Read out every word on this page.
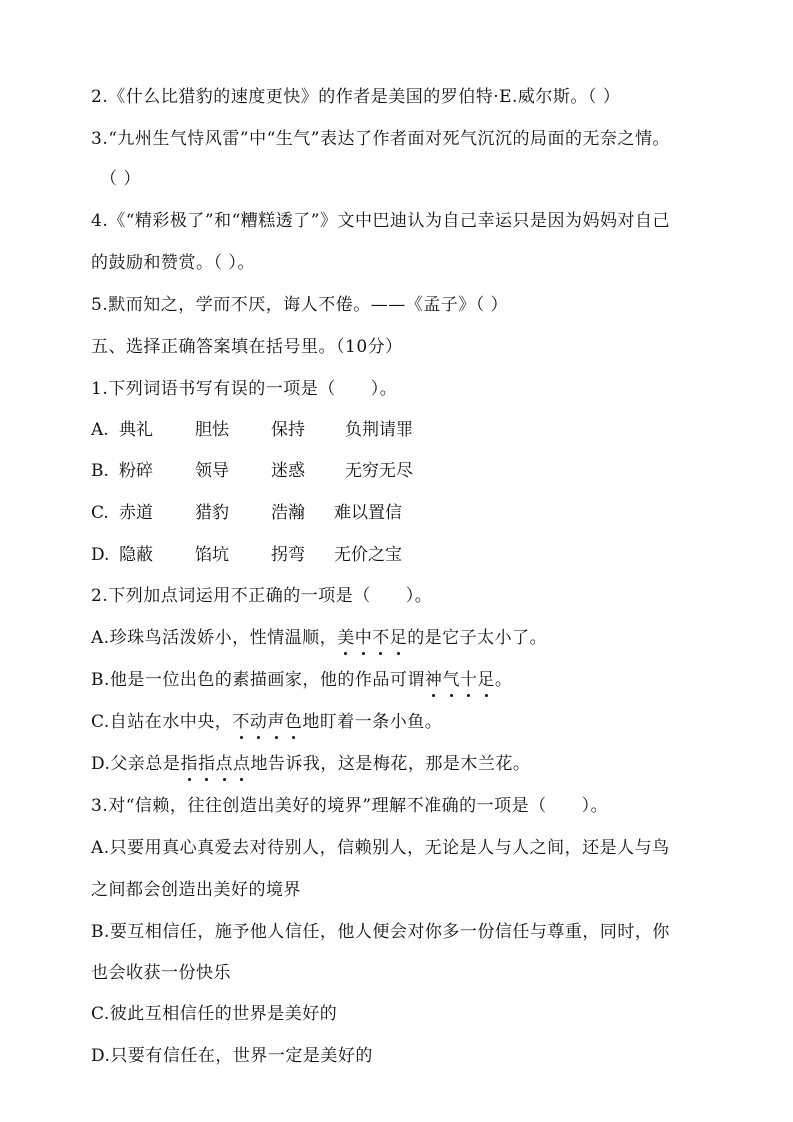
2.《什么比猎豹的速度更快》的作者是美国的罗伯特·E.威尔斯。（ ）
3.“九州生气恃风雷”中“生气”表达了作者面对死气沉沉的局面的无奈之情。
（ ）
4.《“精彩极了”和“糟糕透了”》文中巴迪认为自己幸运只是因为妈妈对自己
的鼓励和赞赏。（ ）。
5.默而知之，学而不厌，诲人不倦。——《孟子》（ ）
五、选择正确答案填在括号里。（10分）
1.下列词语书写有误的一项是（　　）。
A. 典礼 胆怯 保持 负荆请罪
B. 粉碎 领导 迷惑 无穷无尽
C. 赤道 猎豹 浩瀚 难以置信
D. 隐蔽 馅坑 拐弯 无价之宝
2.下列加点词运用不正确的一项是（　　）。
A.珍珠鸟活泼娇小，性情温顺，美中不足的是它子太小了。
B.他是一位出色的素描画家，他的作品可谓神气十足。
C.自站在水中央，不动声色地盯着一条小鱼。
D.父亲总是指指点点地告诉我，这是梅花，那是木兰花。
3.对“信赖，往往创造出美好的境界”理解不准确的一项是（　　）。
A.只要用真心真爱去对待别人，信赖别人，无论是人与人之间，还是人与鸟
之间都会创造出美好的境界
B.要互相信任，施予他人信任，他人便会对你多一份信任与尊重，同时，你
也会收获一份快乐
C.彼此互相信任的世界是美好的
D.只要有信任在，世界一定是美好的
